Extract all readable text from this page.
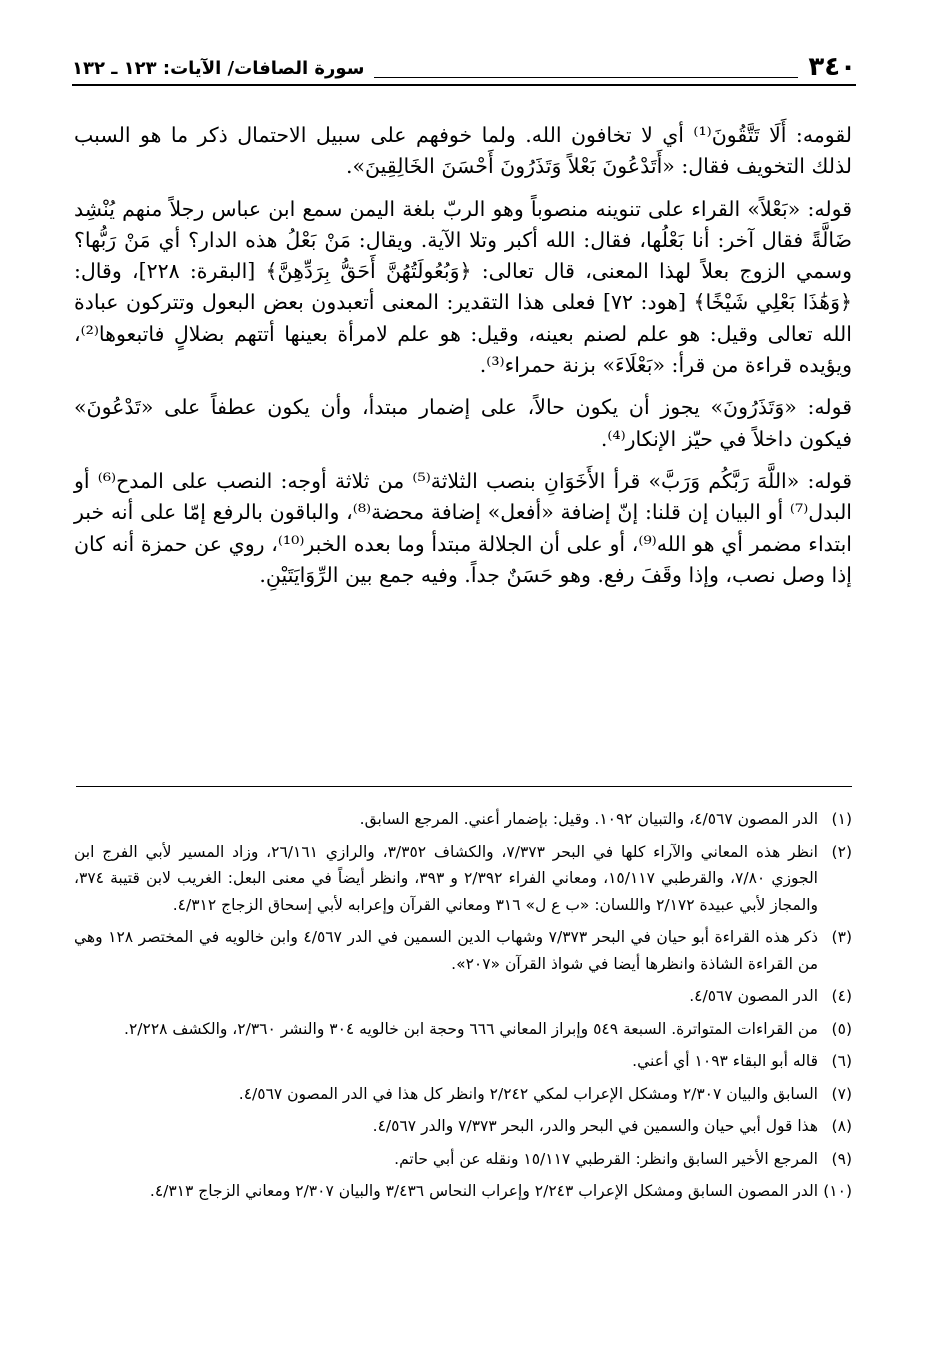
٣٤٠
سورة الصافات/ الآيات: ١٢٣ ـ ١٣٢

لقومه: أَلَا تَتَّقُونَ⁽¹⁾ أي لا تخافون الله. ولما خوفهم على سبيل الاحتمال ذكر ما هو السبب لذلك التخويف فقال: «أَتَدْعُونَ بَعْلاً وَتَذَرُونَ أَحْسَنَ الخَالِقِينَ».

قوله: «بَعْلاً» القراء على تنوينه منصوباً وهو الربّ بلغة اليمن سمع ابن عباس رجلاً منهم يُنْشِد ضَالَّةً فقال آخر: أنا بَعْلُها، فقال: الله أكبر وتلا الآية. ويقال: مَنْ بَعْلُ هذه الدار؟ أي مَنْ رَبُّها؟ وسمي الزوج بعلاً لهذا المعنى، قال تعالى: ﴿وَبُعُولَتُهُنَّ أَحَقُّ بِرَدِّهِنَّ﴾ [البقرة: ٢٢٨]، وقال: ﴿وَهَٰذَا بَعْلِي شَيْخًا﴾ [هود: ٧٢] فعلى هذا التقدير: المعنى أتعبدون بعض البعول وتتركون عبادة الله تعالى وقيل: هو علم لصنم بعينه، وقيل: هو علم لامرأة بعينها أتتهم بضلالٍ فاتبعوها⁽²⁾، ويؤيده قراءة من قرأ: «بَعْلَاءَ» بزنة حمراء⁽³⁾.

قوله: «وَتَذَرُونَ» يجوز أن يكون حالاً، على إضمار مبتدأ، وأن يكون عطفاً على «تَدْعُونَ» فيكون داخلاً في حيّز الإنكار⁽⁴⁾.

قوله: «اللَّهَ رَبَّكُم وَرَبَّ» قرأ الأَخَوَانِ بنصب الثلاثة⁽⁵⁾ من ثلاثة أوجه: النصب على المدح⁽⁶⁾ أو البدل⁽⁷⁾ أو البيان إن قلنا: إنّ إضافة «أفعل» إضافة محضة⁽⁸⁾، والباقون بالرفع إمّا على أنه خبر ابتداء مضمر أي هو الله⁽⁹⁾، أو على أن الجلالة مبتدأ وما بعده الخبر⁽¹⁰⁾، روي عن حمزة أنه كان إذا وصل نصب، وإذا وقَفَ رفع. وهو حَسَنٌ جداً. وفيه جمع بين الرِّوَايَتَيْنِ.

(١)
الدر المصون ٤/٥٦٧، والتبيان ١٠٩٢. وقيل: بإضمار أعني. المرجع السابق.
(٢)
انظر هذه المعاني والآراء كلها في البحر ٧/٣٧٣، والكشاف ٣/٣٥٢، والرازي ٢٦/١٦١، وزاد المسير لأبي الفرج ابن الجوزي ٧/٨٠، والقرطبي ١٥/١١٧، ومعاني الفراء ٢/٣٩٢ و ٣٩٣، وانظر أيضاً في معنى البعل: الغريب لابن قتيبة ٣٧٤، والمجاز لأبي عبيدة ٢/١٧٢ واللسان: «ب ع ل» ٣١٦ ومعاني القرآن وإعرابه لأبي إسحاق الزجاج ٤/٣١٢.
(٣)
ذكر هذه القراءة أبو حيان في البحر ٧/٣٧٣ وشهاب الدين السمين في الدر ٤/٥٦٧ وابن خالويه في المختصر ١٢٨ وهي من القراءة الشاذة وانظرها أيضا في شواذ القرآن «٢٠٧».
(٤)
الدر المصون ٤/٥٦٧.
(٥)
من القراءات المتواترة. السبعة ٥٤٩ وإبراز المعاني ٦٦٦ وحجة ابن خالويه ٣٠٤ والنشر ٢/٣٦٠، والكشف ٢/٢٢٨.
(٦)
قاله أبو البقاء ١٠٩٣ أي أعني.
(٧)
السابق والبيان ٢/٣٠٧ ومشكل الإعراب لمكي ٢/٢٤٢ وانظر كل هذا في الدر المصون ٤/٥٦٧.
(٨)
هذا قول أبي حيان والسمين في البحر والدر، البحر ٧/٣٧٣ والدر ٤/٥٦٧.
(٩)
المرجع الأخير السابق وانظر: القرطبي ١٥/١١٧ ونقله عن أبي حاتم.
(١٠)
الدر المصون السابق ومشكل الإعراب ٢/٢٤٣ وإعراب النحاس ٣/٤٣٦ والبيان ٢/٣٠٧ ومعاني الزجاج ٤/٣١٣.
